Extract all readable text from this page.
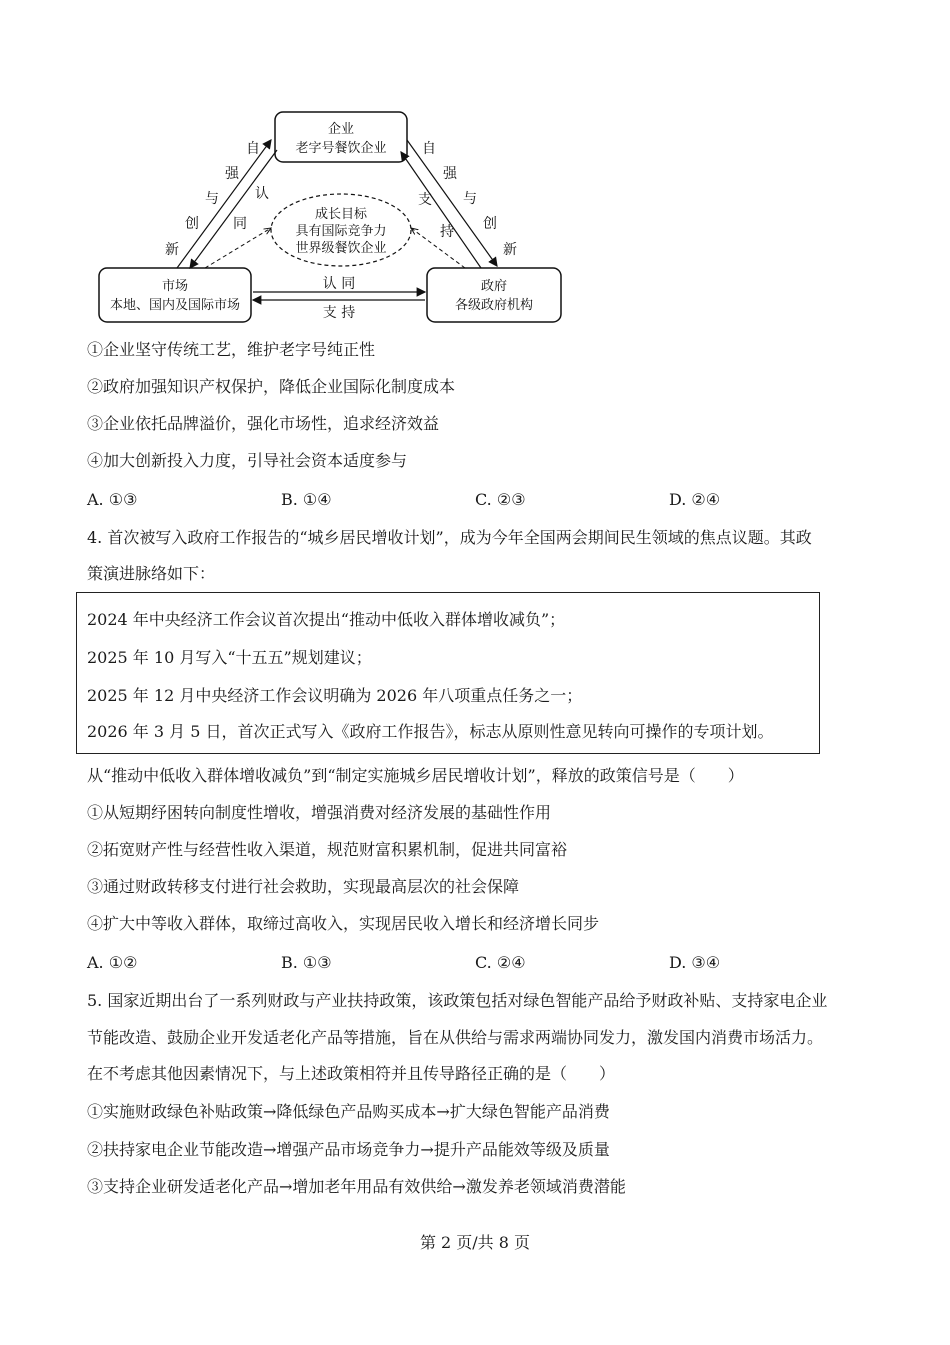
企业
老字号餐饮企业
市场
本地、国内及国际市场
政府
各级政府机构
成长目标
具有国际竞争力
世界级餐饮企业
自
强
与
创
新
认
同
自
强
与
创
新
支
持
认 同
支 持
①企业坚守传统工艺，维护老字号纯正性
②政府加强知识产权保护，降低企业国际化制度成本
③企业依托品牌溢价，强化市场性，追求经济效益
④加大创新投入力度，引导社会资本适度参与
A. ①③	B. ①④	C. ②③	D. ②④
4. 首次被写入政府工作报告的“城乡居民增收计划”，成为今年全国两会期间民生领域的焦点议题。其政
策演进脉络如下：
2024 年中央经济工作会议首次提出“推动中低收入群体增收减负”；
2025 年 10 月写入“十五五”规划建议；
2025 年 12 月中央经济工作会议明确为 2026 年八项重点任务之一；
2026 年 3 月 5 日，首次正式写入《政府工作报告》，标志从原则性意见转向可操作的专项计划。
从“推动中低收入群体增收减负”到“制定实施城乡居民增收计划”，释放的政策信号是（　　）
①从短期纾困转向制度性增收，增强消费对经济发展的基础性作用
②拓宽财产性与经营性收入渠道，规范财富积累机制，促进共同富裕
③通过财政转移支付进行社会救助，实现最高层次的社会保障
④扩大中等收入群体，取缔过高收入，实现居民收入增长和经济增长同步
A. ①②	B. ①③	C. ②④	D. ③④
5. 国家近期出台了一系列财政与产业扶持政策，该政策包括对绿色智能产品给予财政补贴、支持家电企业
节能改造、鼓励企业开发适老化产品等措施，旨在从供给与需求两端协同发力，激发国内消费市场活力。
在不考虑其他因素情况下，与上述政策相符并且传导路径正确的是（　　）
①实施财政绿色补贴政策→降低绿色产品购买成本→扩大绿色智能产品消费
②扶持家电企业节能改造→增强产品市场竞争力→提升产品能效等级及质量
③支持企业研发适老化产品→增加老年用品有效供给→激发养老领域消费潜能
第 2 页/共 8 页
